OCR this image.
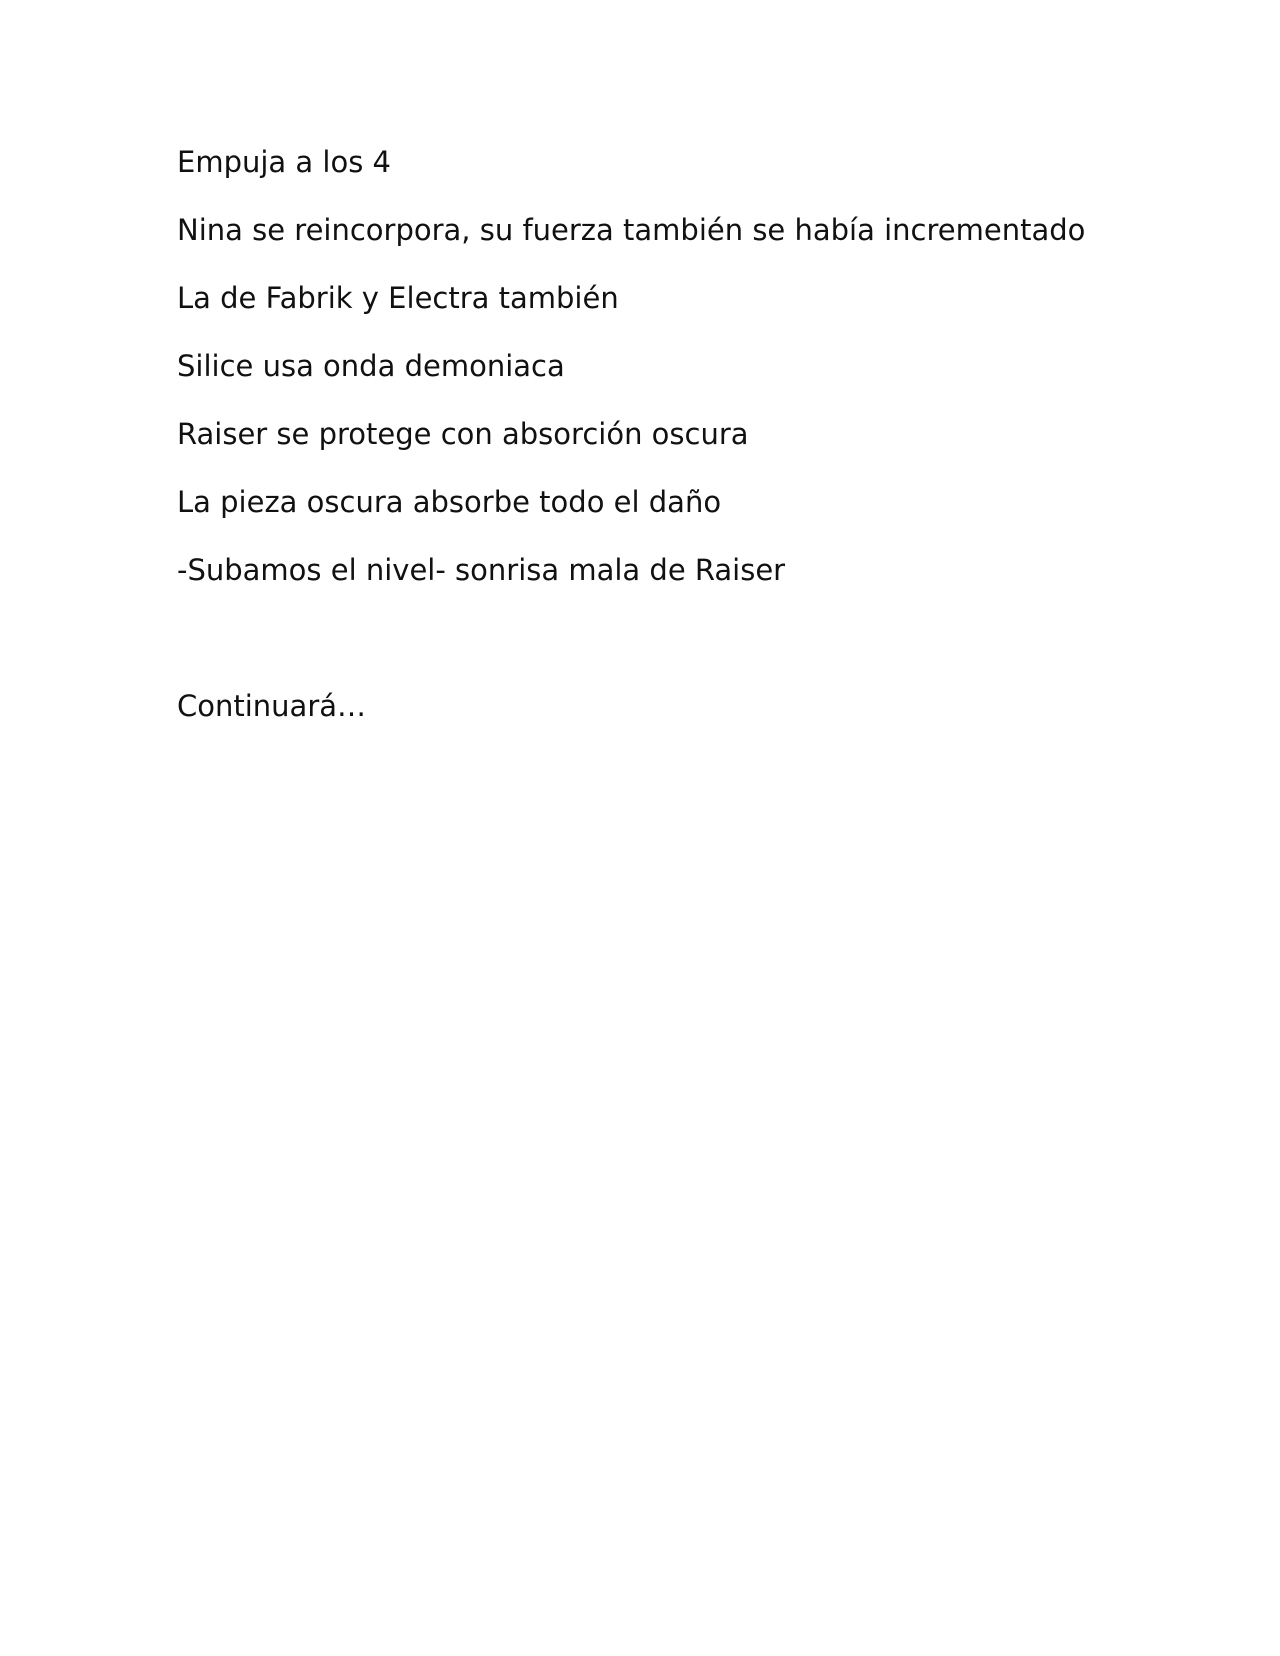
Empuja a los 4

Nina se reincorpora, su fuerza también se había incrementado

La de Fabrik y Electra también

Silice usa onda demoniaca

Raiser se protege con absorción oscura

La pieza oscura absorbe todo el daño

-Subamos el nivel- sonrisa mala de Raiser

Continuará…
